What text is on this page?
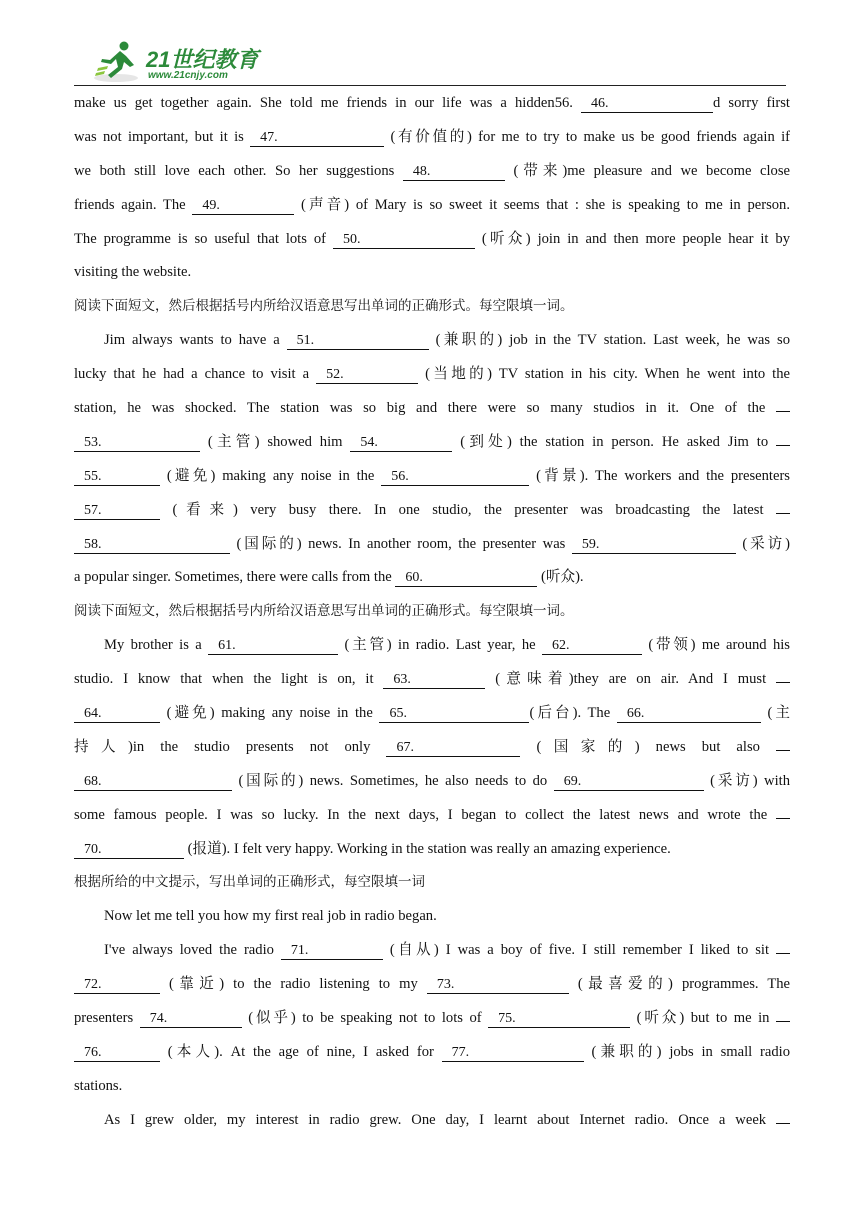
21世纪教育
www.21cnjy.com
make us get together again. She told me friends in our life was a hidden56. 46.	d sorry first
was not important, but it is 47.	(有价值的) for me to try to make us be good friends again if
we both still love each other. So her suggestions 48.	(带来)me pleasure and we become close
friends again. The 49.	(声音) of Mary is so sweet it seems that : she is speaking to me in person.
The programme is so useful that lots of 50.	(听众) join in and then more people hear it by
visiting the website.
阅读下面短文，然后根据括号内所给汉语意思写出单词的正确形式。每空限填一词。
Jim always wants to have a 51.	(兼职的) job in the TV station. Last week, he was so
lucky that he had a chance to visit a 52.	(当地的) TV station in his city. When he went into the
station, he was shocked. The station was so big and there were so many studios in it. One of the
53.	(主管) showed him 54.	(到处) the station in person. He asked Jim to
55.	(避免) making any noise in the 56.	(背景). The workers and the presenters
57.	(看来) very busy there. In one studio, the presenter was broadcasting the latest
58.	(国际的) news. In another room, the presenter was 59.	(采访)
a popular singer. Sometimes, there were calls from the 60.	(听众).
阅读下面短文，然后根据括号内所给汉语意思写出单词的正确形式。每空限填一词。
My brother is a 61.	(主管) in radio. Last year, he 62.	(带领) me around his
studio. I know that when the light is on, it 63.	(意味着)they are on air. And I must
64.	(避免) making any noise in the 65.	(后台). The 66.	(主
持人)in the studio presents not only 67.	(国家的) news but also
68.	(国际的) news. Sometimes, he also needs to do 69.	(采访) with
some famous people. I was so lucky. In the next days, I began to collect the latest news and wrote the
70.	(报道). I felt very happy. Working in the station was really an amazing experience.
根据所给的中文提示，写出单词的正确形式，每空限填一词
Now let me tell you how my first real job in radio began.
I've always loved the radio 71.	(自从) I was a boy of five. I still remember I liked to sit
72.	(靠近) to the radio listening to my 73.	(最喜爱的) programmes. The
presenters 74.	(似乎) to be speaking not to lots of 75.	(听众) but to me in
76.	(本人). At the age of nine, I asked for 77.	(兼职的) jobs in small radio
stations.
As I grew older, my interest in radio grew. One day, I learnt about Internet radio. Once a week
